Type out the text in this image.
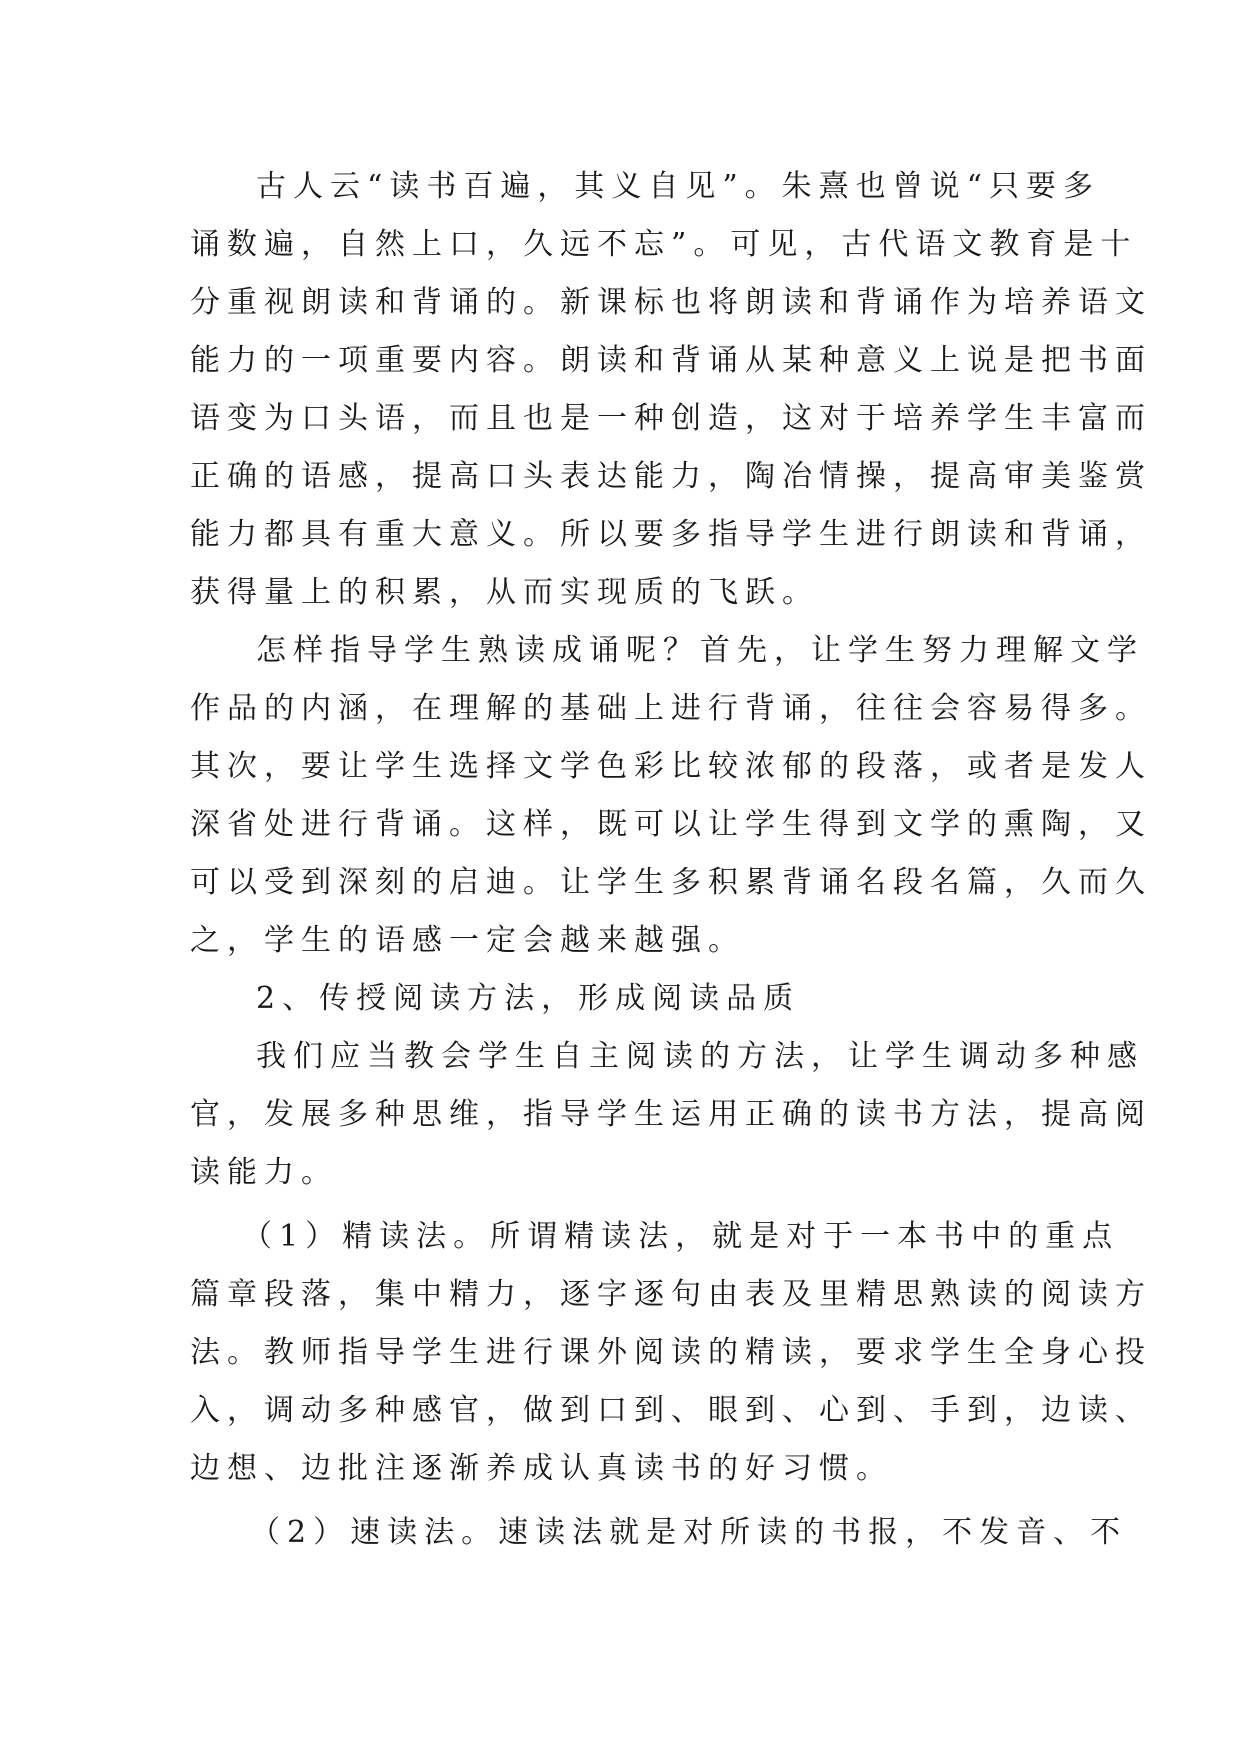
古人云“读书百遍，其义自见”。朱熹也曾说“只要多
诵数遍，自然上口，久远不忘”。可见，古代语文教育是十
分重视朗读和背诵的。新课标也将朗读和背诵作为培养语文
能力的一项重要内容。朗读和背诵从某种意义上说是把书面
语变为口头语，而且也是一种创造，这对于培养学生丰富而
正确的语感，提高口头表达能力，陶冶情操，提高审美鉴赏
能力都具有重大意义。所以要多指导学生进行朗读和背诵，
获得量上的积累，从而实现质的飞跃。
怎样指导学生熟读成诵呢？首先，让学生努力理解文学
作品的内涵，在理解的基础上进行背诵，往往会容易得多。
其次，要让学生选择文学色彩比较浓郁的段落，或者是发人
深省处进行背诵。这样，既可以让学生得到文学的熏陶，又
可以受到深刻的启迪。让学生多积累背诵名段名篇，久而久
之，学生的语感一定会越来越强。
2、传授阅读方法，形成阅读品质
我们应当教会学生自主阅读的方法，让学生调动多种感
官，发展多种思维，指导学生运用正确的读书方法，提高阅
读能力。
（1）精读法。所谓精读法，就是对于一本书中的重点
篇章段落，集中精力，逐字逐句由表及里精思熟读的阅读方
法。教师指导学生进行课外阅读的精读，要求学生全身心投
入，调动多种感官，做到口到、眼到、心到、手到，边读、
边想、边批注逐渐养成认真读书的好习惯。
（2）速读法。速读法就是对所读的书报，不发音、不
